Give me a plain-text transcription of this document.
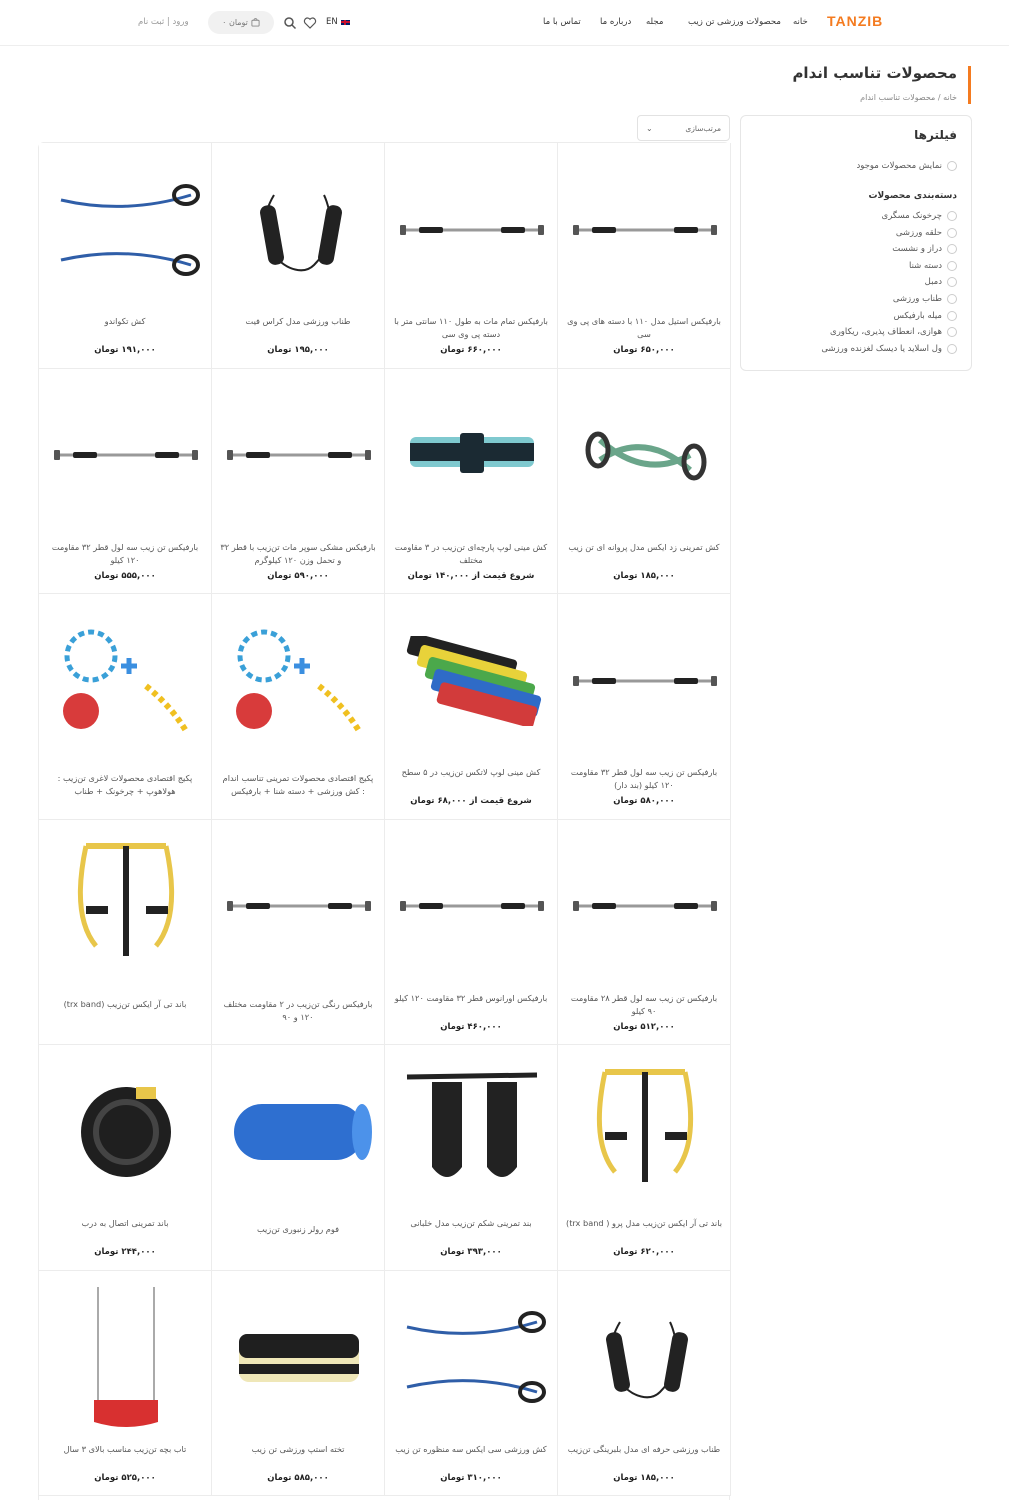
TANZIB
خانه
محصولات ورزشی تن زیب
مجله
درباره ما
تماس با ما
EN
۰ تومان
ورود | ثبت نام
محصولات تناسب اندام
خانه / محصولات تناسب اندام
فیلترها
نمایش محصولات موجود
دسته‌بندی محصولات
چرخونک مسگری
حلقه ورزشی
دراز و نشست
دسته شنا
دمبل
طناب ورزشی
میله بارفیکس
هوازی، انعطاف پذیری، ریکاوری
ول اسلاید یا دیسک لغزنده ورزشی
مرتب‌سازی
⌄
بارفیکس استیل مدل ۱۱۰ با دسته های پی وی سی
۶۵۰,۰۰۰ تومان
بارفیکس تمام مات به طول ۱۱۰ سانتی متر با دسته پی وی سی
۶۶۰,۰۰۰ تومان
طناب ورزشی مدل کراس فیت
۱۹۵,۰۰۰ تومان
کش تکواندو
۱۹۱,۰۰۰ تومان
کش تمرینی زد ایکس مدل پروانه ای تن زیب
۱۸۵,۰۰۰ تومان
کش مینی لوپ پارچه‌ای تن‌زیب در ۳ مقاومت مختلف
شروع قیمت از ۱۴۰,۰۰۰ تومان
بارفیکس مشکی سوپر مات تن‌زیب با قطر ۳۲ و تحمل وزن ۱۲۰ کیلوگرم
۵۹۰,۰۰۰ تومان
بارفیکس تن زیب سه لول قطر ۳۲ مقاومت ۱۲۰ کیلو
۵۵۵,۰۰۰ تومان
بارفیکس تن زیب سه لول قطر ۳۲ مقاومت ۱۲۰ کیلو (بند دار)
۵۸۰,۰۰۰ تومان
کش مینی لوپ لاتکس تن‌زیب در ۵ سطح
شروع قیمت از ۶۸,۰۰۰ تومان
پکیج اقتصادی محصولات تمرینی تناسب اندام : کش ورزشی + دسته شنا + بارفیکس
پکیج اقتصادی محصولات لاغری تن‌زیب : هولاهوپ + چرخونک + طناب
بارفیکس تن زیب سه لول قطر ۲۸ مقاومت ۹۰ کیلو
۵۱۲,۰۰۰ تومان
بارفیکس اورانوس قطر ۳۲ مقاومت ۱۲۰ کیلو
۴۶۰,۰۰۰ تومان
بارفیکس رنگی تن‌زیب در ۲ مقاومت مختلف ۱۲۰ و ۹۰
باند تی آر ایکس تن‌زیب (trx band)
باند تی آر ایکس تن‌زیب مدل پرو ( trx band)
۶۲۰,۰۰۰ تومان
بند تمرینی شکم تن‌زیب مدل خلبانی
۳۹۳,۰۰۰ تومان
فوم رولر زنبوری تن‌زیب
باند تمرینی اتصال به درب
۲۴۴,۰۰۰ تومان
طناب ورزشی حرفه ای مدل بلبرینگی تن‌زیب
۱۸۵,۰۰۰ تومان
کش ورزشی سی ایکس سه منظوره تن زیب
۳۱۰,۰۰۰ تومان
تخته استپ ورزشی تن زیب
۵۸۵,۰۰۰ تومان
تاب بچه تن‌زیب مناسب بالای ۳ سال
۵۲۵,۰۰۰ تومان
